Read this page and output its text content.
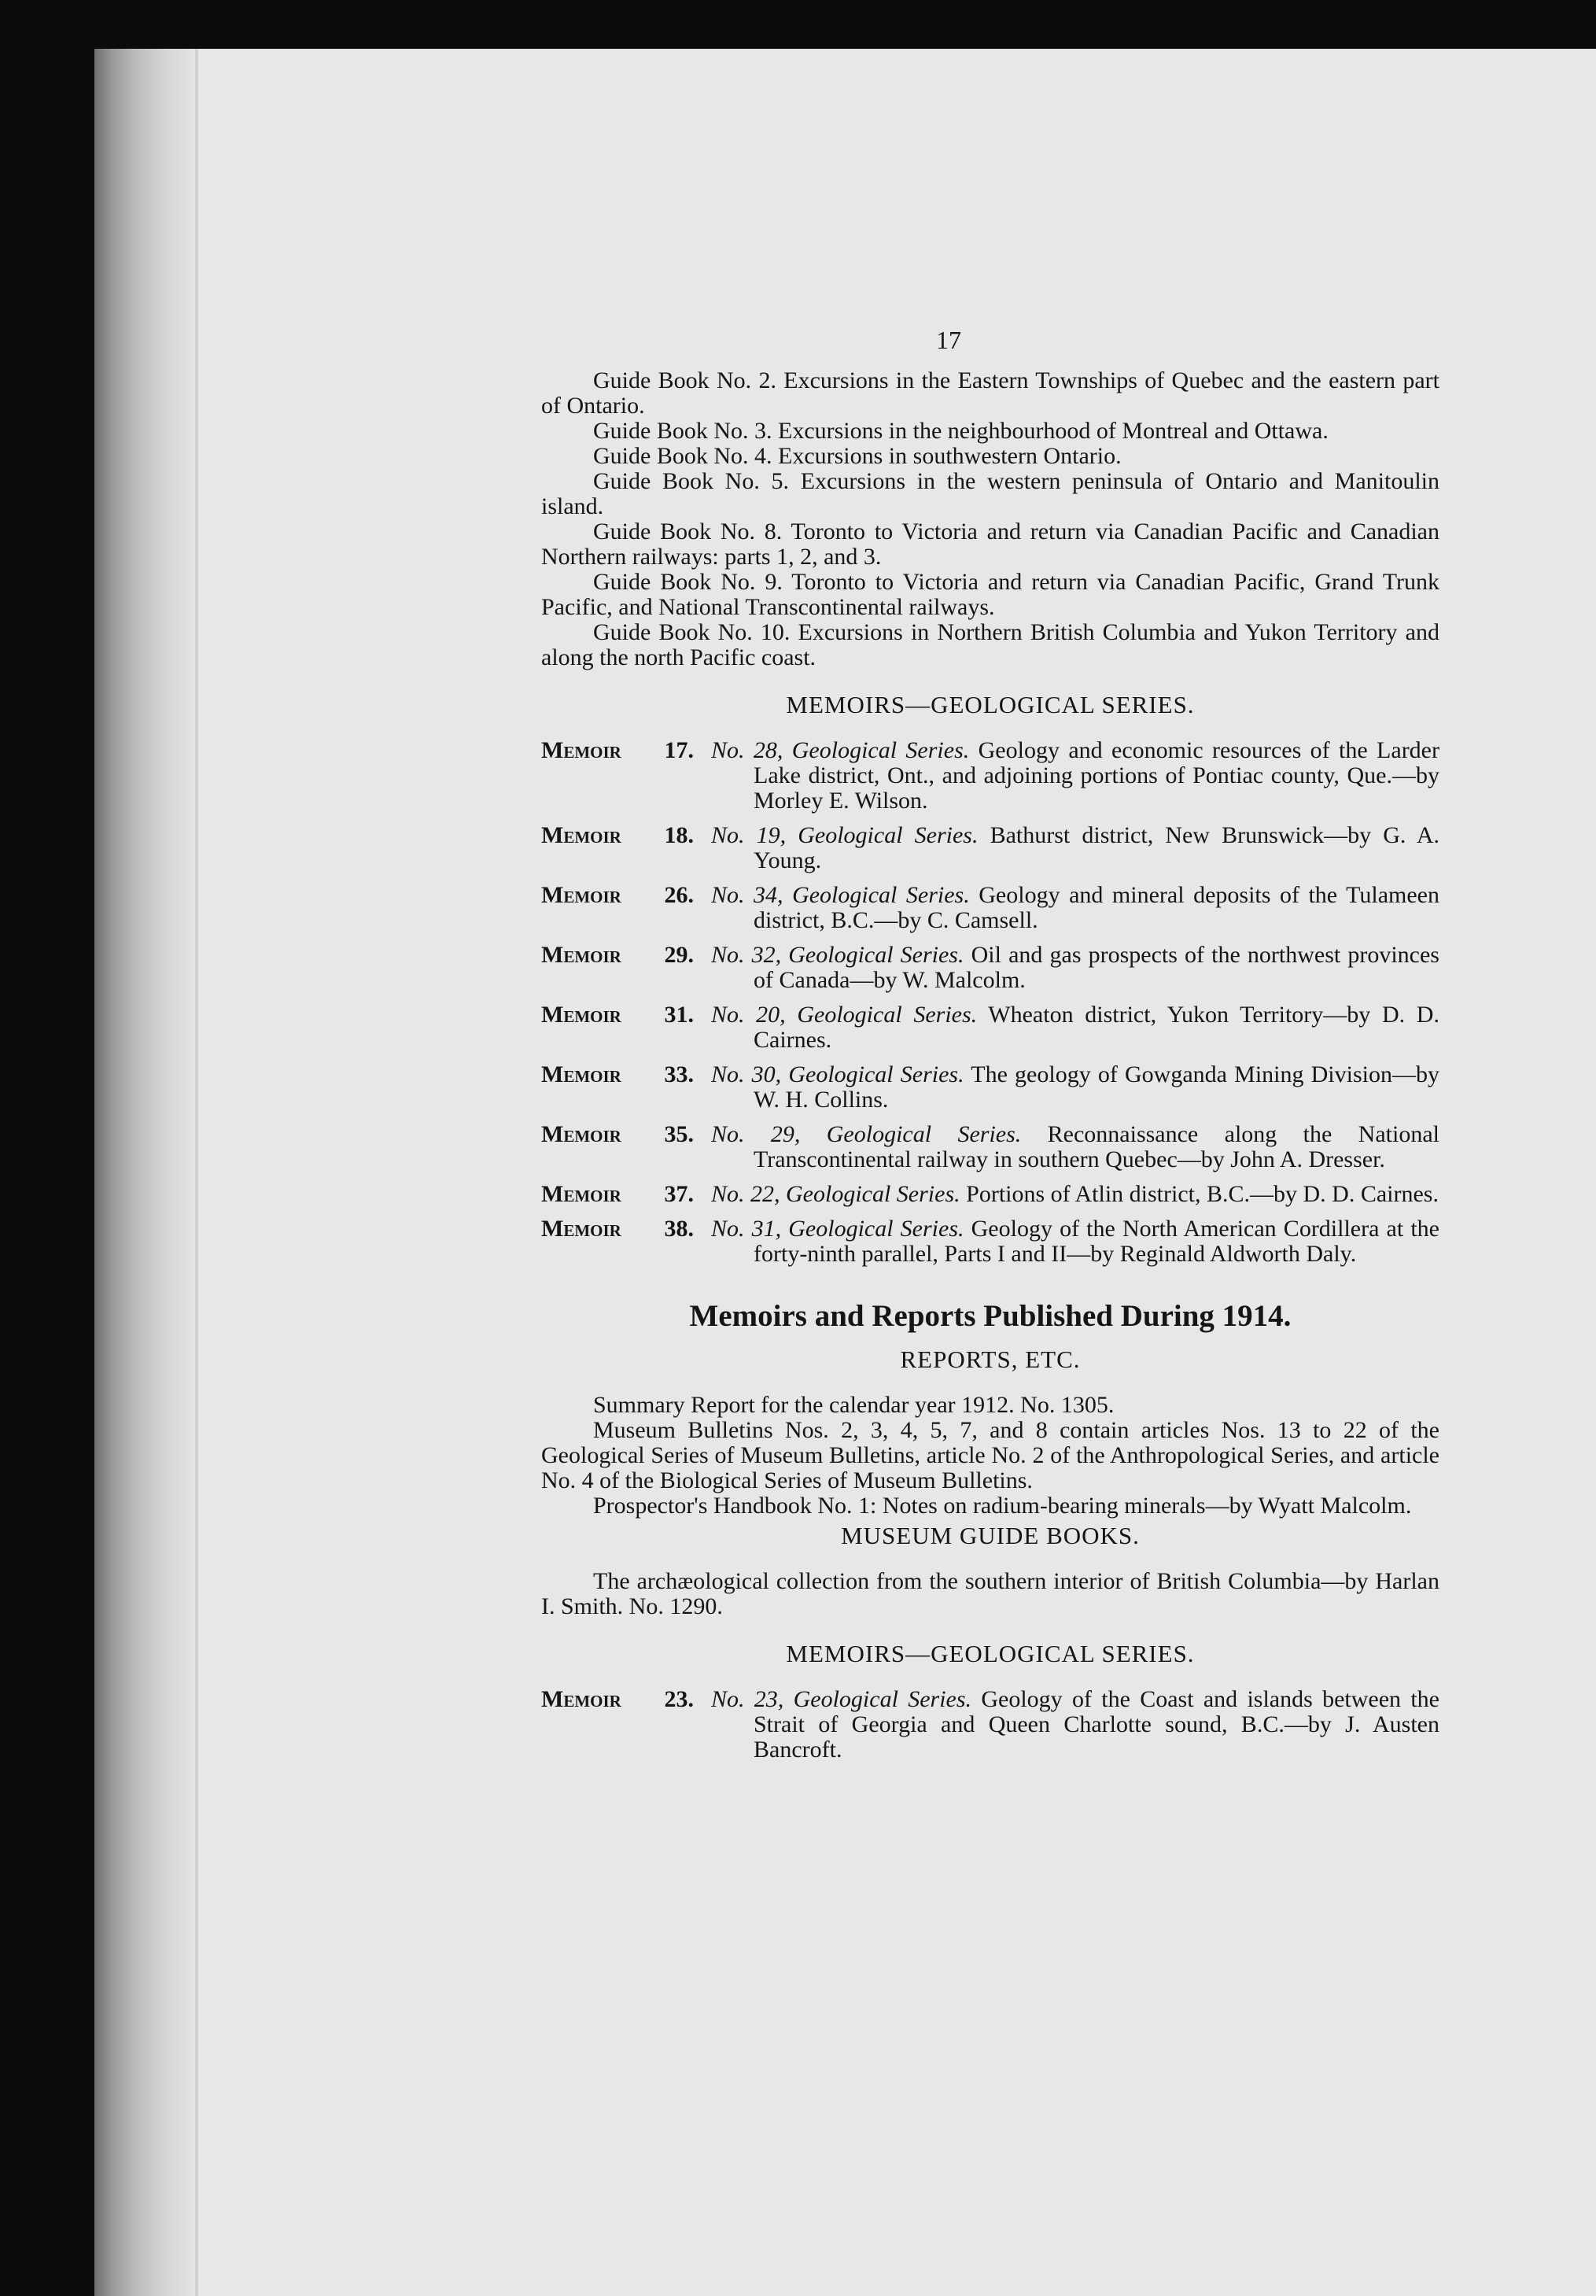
17

Guide Book No. 2. Excursions in the Eastern Townships of Quebec and the eastern part of Ontario.

Guide Book No. 3. Excursions in the neighbourhood of Montreal and Ottawa.

Guide Book No. 4. Excursions in southwestern Ontario.

Guide Book No. 5. Excursions in the western peninsula of Ontario and Manitoulin island.

Guide Book No. 8. Toronto to Victoria and return via Canadian Pacific and Canadian Northern railways: parts 1, 2, and 3.

Guide Book No. 9. Toronto to Victoria and return via Canadian Pacific, Grand Trunk Pacific, and National Transcontinental railways.

Guide Book No. 10. Excursions in Northern British Columbia and Yukon Territory and along the north Pacific coast.

MEMOIRS—GEOLOGICAL SERIES.
Memoir 17. No. 28, Geological Series. Geology and economic resources of the Larder Lake district, Ont., and adjoining portions of Pontiac county, Que.—by Morley E. Wilson.
Memoir 18. No. 19, Geological Series. Bathurst district, New Brunswick—by G. A. Young.
Memoir 26. No. 34, Geological Series. Geology and mineral deposits of the Tulameen district, B.C.—by C. Camsell.
Memoir 29. No. 32, Geological Series. Oil and gas prospects of the northwest provinces of Canada—by W. Malcolm.
Memoir 31. No. 20, Geological Series. Wheaton district, Yukon Territory—by D. D. Cairnes.
Memoir 33. No. 30, Geological Series. The geology of Gowganda Mining Division—by W. H. Collins.
Memoir 35. No. 29, Geological Series. Reconnaissance along the National Transcontinental railway in southern Quebec—by John A. Dresser.
Memoir 37. No. 22, Geological Series. Portions of Atlin district, B.C.—by D. D. Cairnes.
Memoir 38. No. 31, Geological Series. Geology of the North American Cordillera at the forty-ninth parallel, Parts I and II—by Reginald Aldworth Daly.
Memoirs and Reports Published During 1914.
REPORTS, ETC.

Summary Report for the calendar year 1912. No. 1305.

Museum Bulletins Nos. 2, 3, 4, 5, 7, and 8 contain articles Nos. 13 to 22 of the Geological Series of Museum Bulletins, article No. 2 of the Anthropological Series, and article No. 4 of the Biological Series of Museum Bulletins.

Prospector's Handbook No. 1: Notes on radium-bearing minerals—by Wyatt Malcolm.

MUSEUM GUIDE BOOKS.

The archæological collection from the southern interior of British Columbia—by Harlan I. Smith. No. 1290.

MEMOIRS—GEOLOGICAL SERIES.
Memoir 23. No. 23, Geological Series. Geology of the Coast and islands between the Strait of Georgia and Queen Charlotte sound, B.C.—by J. Austen Bancroft.
